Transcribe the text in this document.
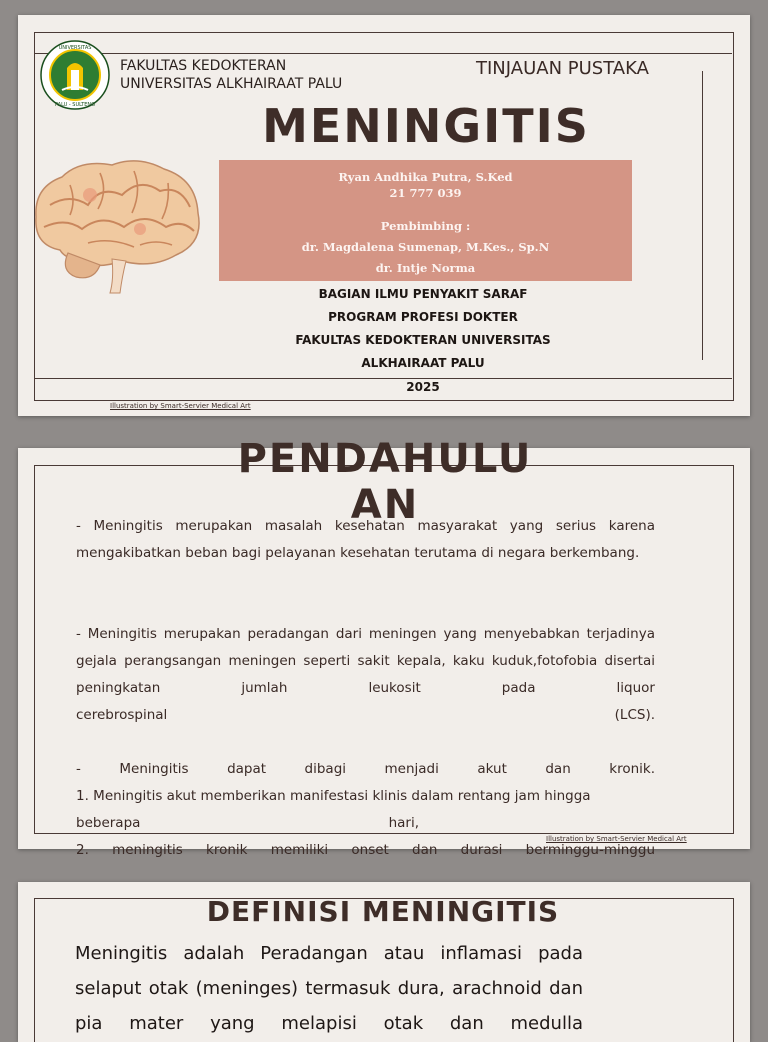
UNIVERSITAS
PALU - SULTENG
FAKULTAS KEDOKTERAN
UNIVERSITAS ALKHAIRAAT PALU
TINJAUAN PUSTAKA
MENINGITIS
Ryan Andhika Putra, S.Ked
21 777 039
Pembimbing :
dr. Magdalena Sumenap, M.Kes., Sp.N
dr. Intje Norma
BAGIAN ILMU PENYAKIT SARAF
PROGRAM PROFESI DOKTER
FAKULTAS KEDOKTERAN UNIVERSITAS
ALKHAIRAAT PALU
2025
Illustration by Smart-Servier Medical Art
Illustration by Smart-Servier Medical Art
PENDAHULU
AN
- Meningitis merupakan masalah kesehatan masyarakat yang serius karena mengakibatkan beban bagi pelayanan kesehatan terutama di negara berkembang.
- Meningitis merupakan peradangan dari meningen yang menyebabkan terjadinya gejala perangsangan meningen seperti sakit kepala, kaku kuduk,fotofobia disertai peningkatan jumlah leukosit pada liquor
cerebrospinal	(LCS).
- Meningitis dapat dibagi menjadi akut dan kronik.
1. Meningitis akut memberikan manifestasi klinis dalam rentang jam hingga
beberapa	hari,
2. meningitis kronik memiliki onset dan durasi berminggu-minggu
DEFINISI MENINGITIS
Meningitis adalah Peradangan atau inflamasi pada selaput otak (meninges) termasuk dura, arachnoid dan pia mater yang melapisi otak dan medulla
